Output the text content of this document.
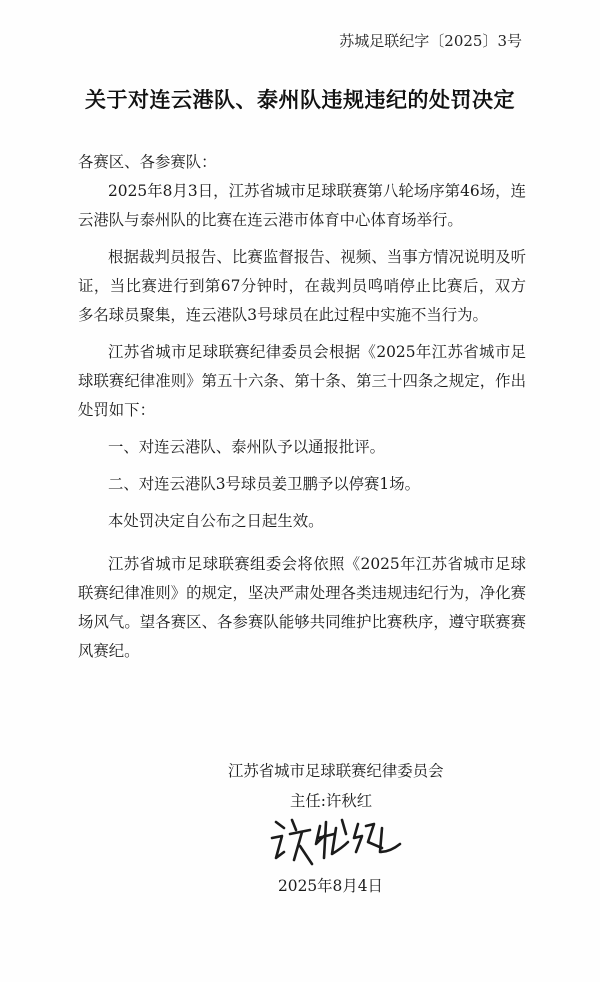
苏城足联纪字〔2025〕3号
关于对连云港队、泰州队违规违纪的处罚决定

各赛区、各参赛队：

2025年8月3日，江苏省城市足球联赛第八轮场序第46场，连云港队与泰州队的比赛在连云港市体育中心体育场举行。

根据裁判员报告、比赛监督报告、视频、当事方情况说明及听证，当比赛进行到第67分钟时，在裁判员鸣哨停止比赛后，双方多名球员聚集，连云港队3号球员在此过程中实施不当行为。

江苏省城市足球联赛纪律委员会根据《2025年江苏省城市足球联赛纪律准则》第五十六条、第十条、第三十四条之规定，作出处罚如下：

一、对连云港队、泰州队予以通报批评。

二、对连云港队3号球员姜卫鹏予以停赛1场。

本处罚决定自公布之日起生效。

江苏省城市足球联赛组委会将依照《2025年江苏省城市足球联赛纪律准则》的规定，坚决严肃处理各类违规违纪行为，净化赛场风气。望各赛区、各参赛队能够共同维护比赛秩序，遵守联赛赛风赛纪。

江苏省城市足球联赛纪律委员会
主任:许秋红
2025年8月4日
